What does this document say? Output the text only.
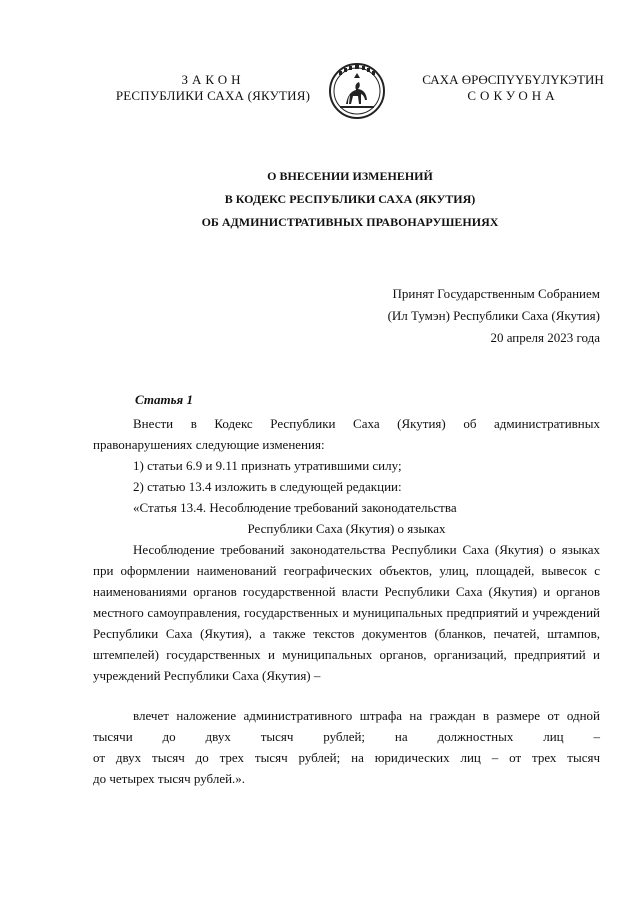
ЗАКОН
РЕСПУБЛИКИ САХА (ЯКУТИЯ)
САХА ӨРӨСПҮҮБҮЛҮКЭТИН
СОКУОНА
О ВНЕСЕНИИ ИЗМЕНЕНИЙ
В КОДЕКС РЕСПУБЛИКИ САХА (ЯКУТИЯ)
ОБ АДМИНИСТРАТИВНЫХ ПРАВОНАРУШЕНИЯХ
Принят Государственным Собранием
(Ил Тумэн) Республики Саха (Якутия)
20 апреля 2023 года
Статья 1

Внести в Кодекс Республики Саха (Якутия) об административных правонарушениях следующие изменения:

1) статьи 6.9 и 9.11 признать утратившими силу;

2) статью 13.4 изложить в следующей редакции:

«Статья 13.4. Несоблюдение требований законодательства

Республики Саха (Якутия) о языках

Несоблюдение требований законодательства Республики Саха (Якутия) о языках при оформлении наименований географических объектов, улиц, площадей, вывесок с наименованиями органов государственной власти Республики Саха (Якутия) и органов местного самоуправления, государственных и муниципальных предприятий и учреждений Республики Саха (Якутия), а также текстов документов (бланков, печатей, штампов, штемпелей) государственных и муниципальных органов, организаций, предприятий и учреждений Республики Саха (Якутия) –

влечет наложение административного штрафа на граждан в размере от одной

тысячи до двух тысяч рублей; на должностных лиц –

от двух тысяч до трех тысяч рублей; на юридических лиц – от трех тысяч

до четырех тысяч рублей.».
